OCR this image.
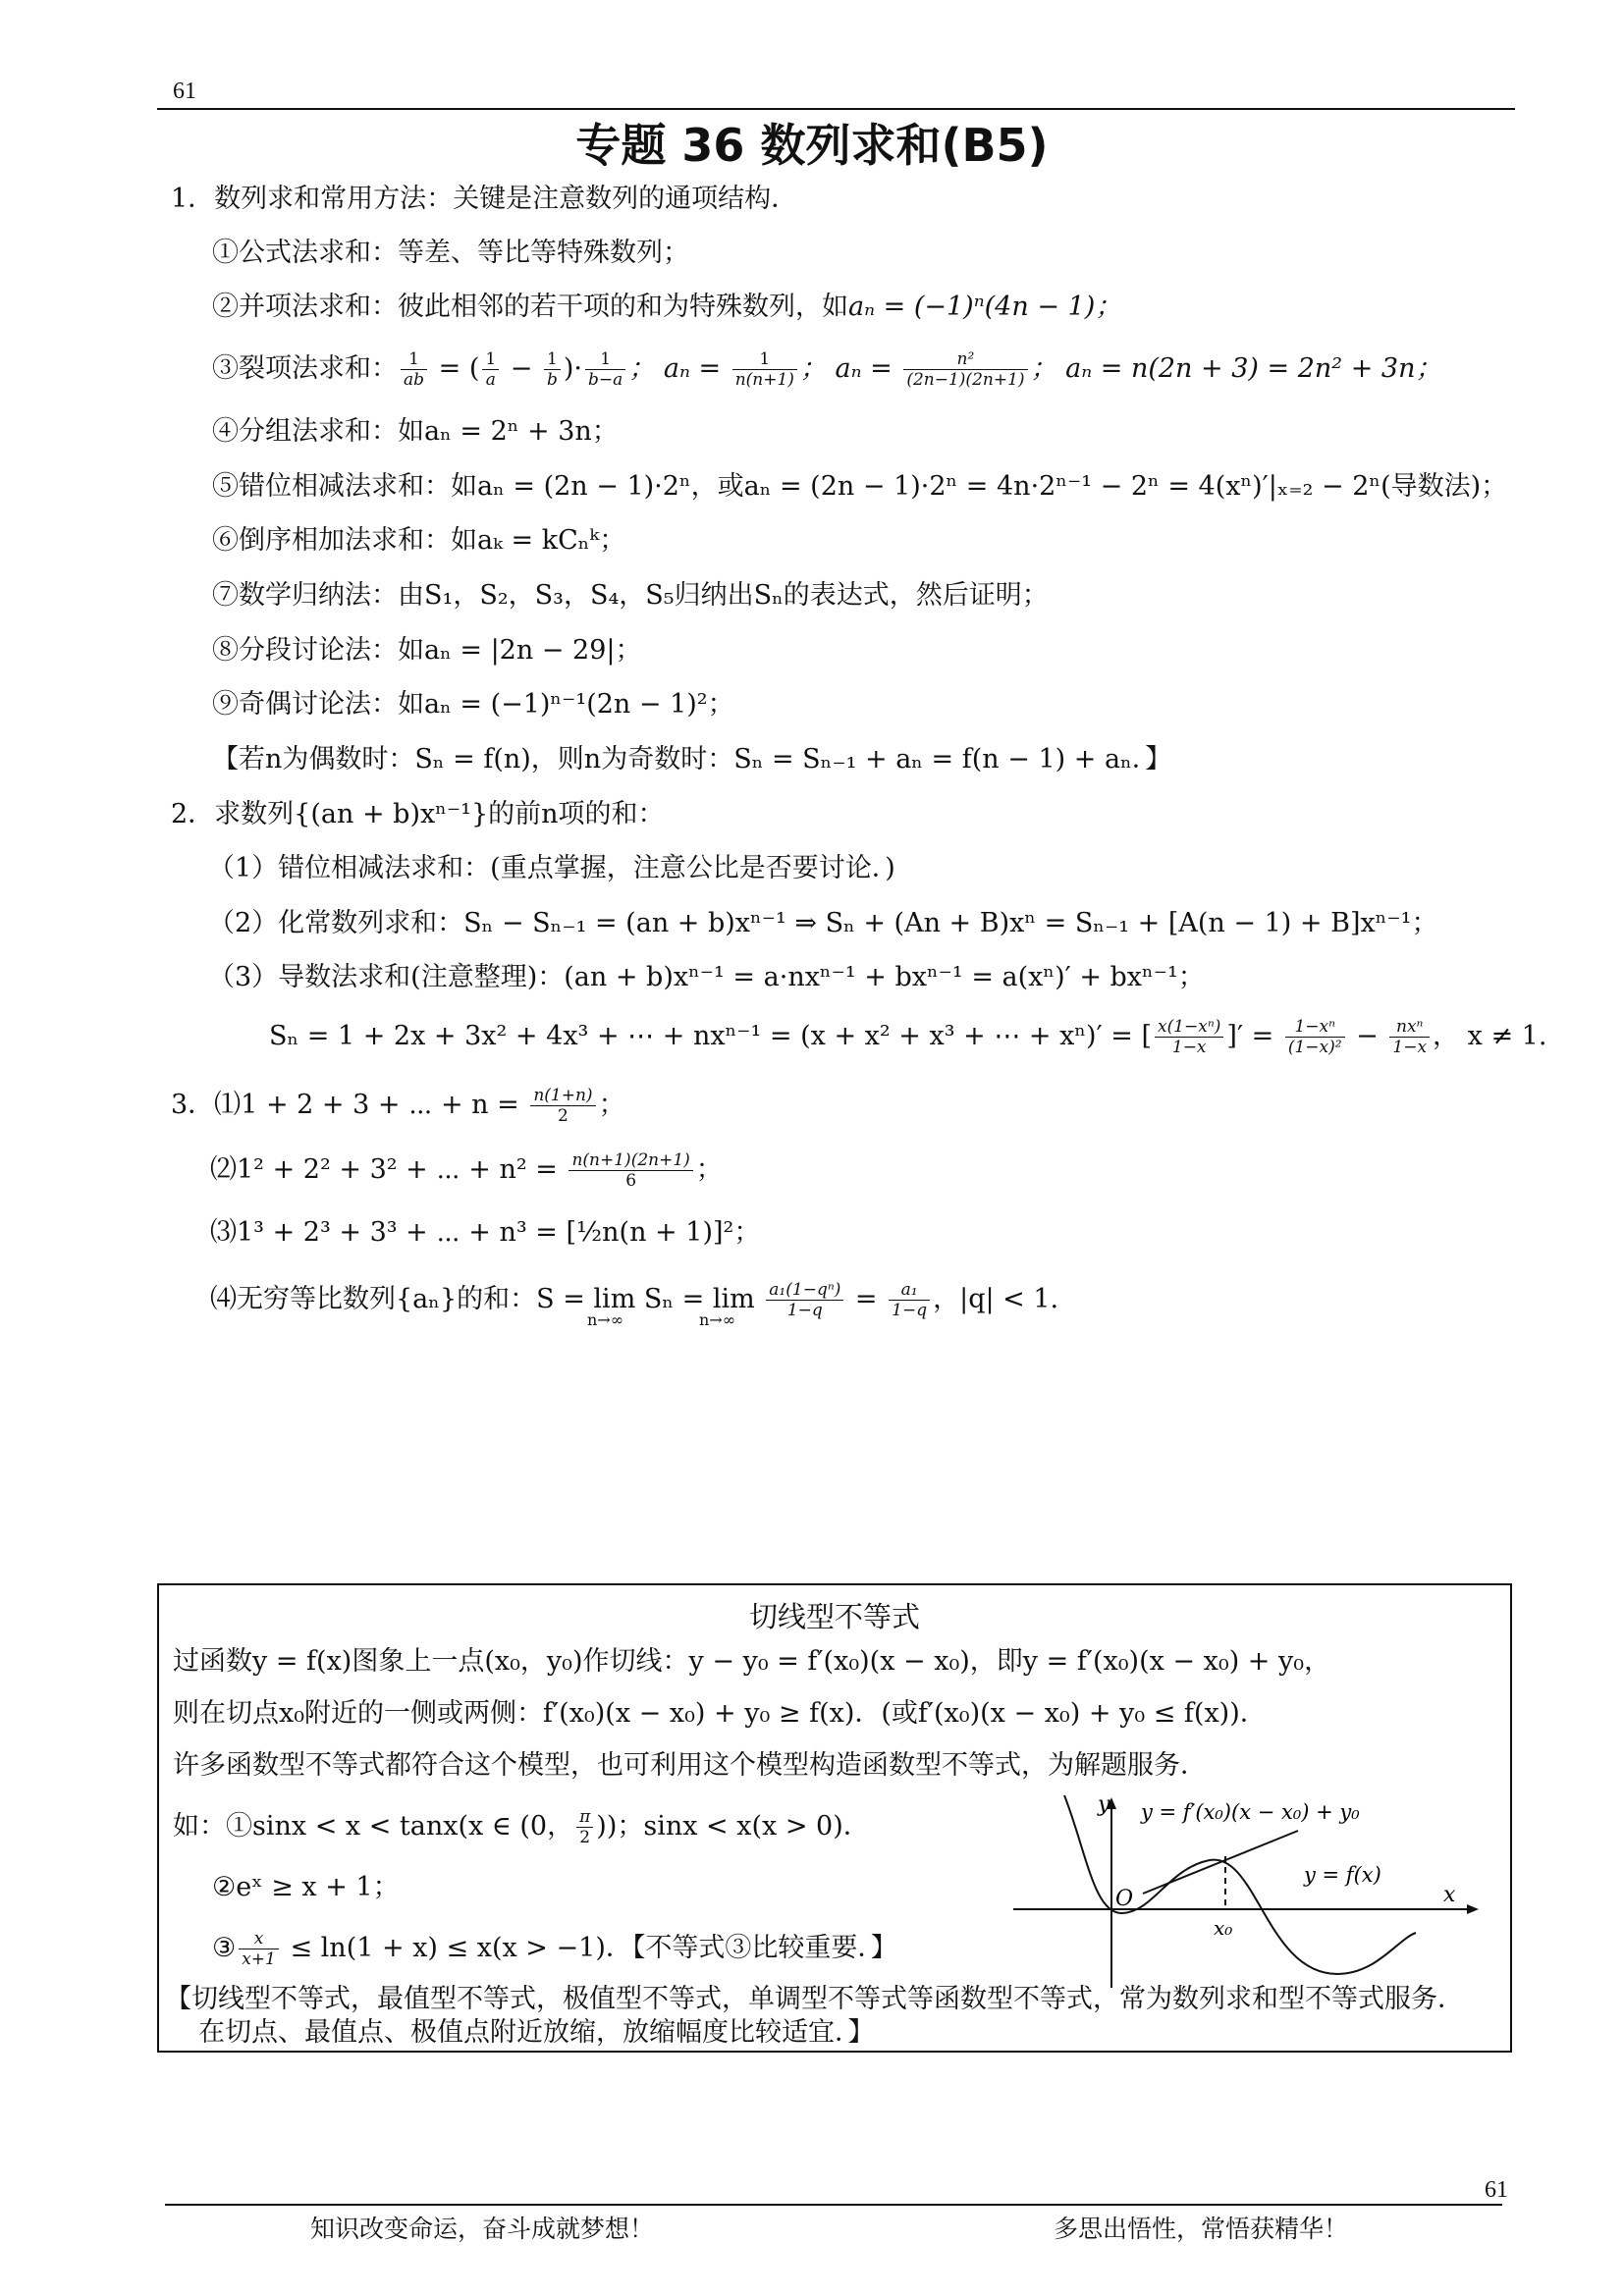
61
专题 36 数列求和(B5)
1．数列求和常用方法：关键是注意数列的通项结构．
①公式法求和：等差、等比等特殊数列；
②并项法求和：彼此相邻的若干项的和为特殊数列，如aₙ = (−1)ⁿ(4n − 1)；
③裂项法求和： $\frac{1}{ab}$ = ( $\frac{1}{a} - \frac{1}{b}$ )· $\frac{1}{b-a}$ ； $a_n = \frac{1}{n(n+1)}$ ； $a_n = \frac{\text{n²}}{(2n-1)(2n+1)}$ ； aₙ = n(2n + 3) = 2n² + 3n；
④分组法求和：如aₙ = 2ⁿ + 3n；
⑤错位相减法求和：如aₙ = (2n − 1)·2ⁿ，或aₙ = (2n − 1)·2ⁿ = 4n·2ⁿ⁻¹ − 2ⁿ = 4(xⁿ)′|ₓ₌₂ − 2ⁿ(导数法)；
⑥倒序相加法求和：如aₖ = kCₙᵏ；
⑦数学归纳法：由S₁，S₂，S₃，S₄，S₅归纳出Sₙ的表达式，然后证明；
⑧分段讨论法：如aₙ = |2n − 29|；
⑨奇偶讨论法：如aₙ = (−1)ⁿ⁻¹(2n − 1)²；
【若n为偶数时：Sₙ = f(n)，则n为奇数时：Sₙ = Sₙ₋₁ + aₙ = f(n − 1) + aₙ．】
2．求数列{(an + b)xⁿ⁻¹}的前n项的和：
（1）错位相减法求和：(重点掌握，注意公比是否要讨论．)
（2）化常数列求和：Sₙ − Sₙ₋₁ = (an + b)xⁿ⁻¹ ⇒ Sₙ + (An + B)xⁿ = Sₙ₋₁ + [A(n − 1) + B]xⁿ⁻¹；
（3）导数法求和(注意整理)：(an + b)xⁿ⁻¹ = a·nxⁿ⁻¹ + bxⁿ⁻¹ = a(xⁿ)′ + bxⁿ⁻¹；
Sₙ = 1 + 2x + 3x² + 4x³ + ⋯ + nxⁿ⁻¹ = (x + x² + x³ + ⋯ + xⁿ)′ = [ $\frac{\text{x(1−xⁿ)}}{1-x}$ ]′ = $\frac{\text{1−xⁿ}}{\text{(1−x)²}} - \frac{\text{nxⁿ}}{1-x}$ ， x ≠ 1.
3．⑴1 + 2 + 3 + ⋯ + $n = \frac{n(1+n)}{2}$ ；
⑵1² + 2² + 3² + ⋯ + $n^2 = \frac{n(n+1)(2n+1)}{6}$ ；
⑶1³ + 2³ + 3³ + ⋯ + n³ = [½n(n + 1)]²；
⑷无穷等比数列{aₙ}的和：$S = \lim S_n = \lim \frac{\text{a₁(1−qⁿ)}}{1-q} = \frac{\text{a₁}}{1-q}$ ，|q| < 1.
n→∞	n→∞
切线型不等式
过函数y = f(x)图象上一点(x₀，y₀)作切线：y − y₀ = f′(x₀)(x − x₀)，即y = f′(x₀)(x − x₀) + y₀，
则在切点x₀附近的一侧或两侧：f′(x₀)(x − x₀) + y₀ ≥ f(x)．(或f′(x₀)(x − x₀) + y₀ ≤ f(x))．
许多函数型不等式都符合这个模型，也可利用这个模型构造函数型不等式，为解题服务．
如：①sinx < x < tanx(x ∈ (0， $\frac{\pi}{2}$ ))；sinx < x(x > 0)．
②eˣ ≥ x + 1；
③ $\frac{x}{x+1} \le \ln(1 + x) \le x(x > -1)$．【不等式③比较重要．】
【切线型不等式，最值型不等式，极值型不等式，单调型不等式等函数型不等式，常为数列求和型不等式服务．
在切点、最值点、极值点附近放缩，放缩幅度比较适宜．】
y
x
O
x₀
y = f′(x₀)(x − x₀) + y₀
y = f(x)
61
知识改变命运，奋斗成就梦想！	多思出悟性，常悟获精华！
